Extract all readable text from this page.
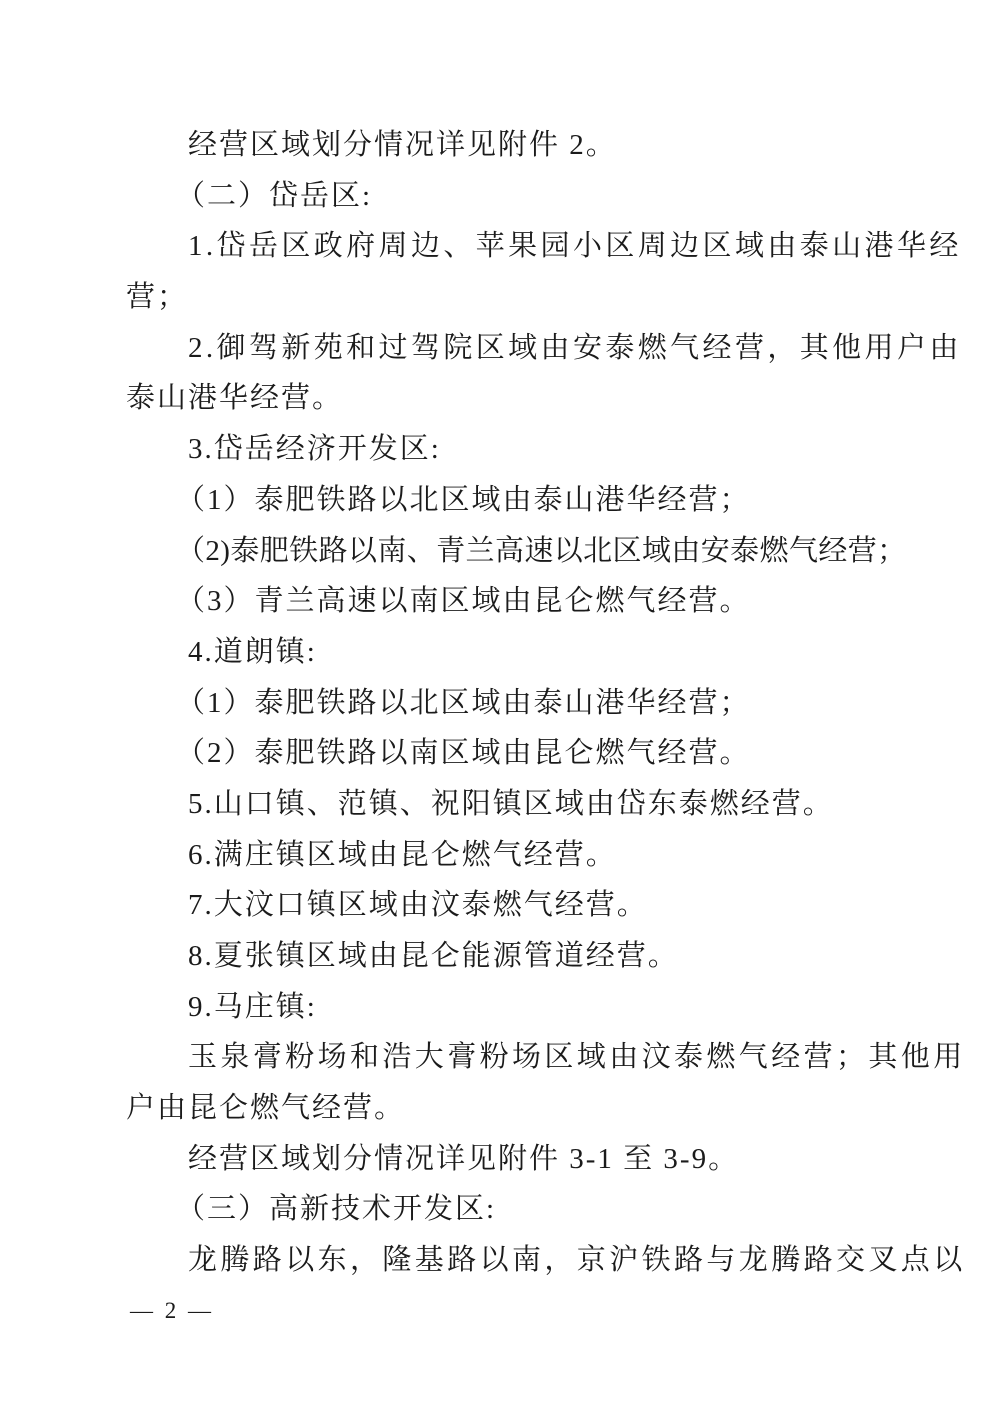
经营区域划分情况详见附件 2。
（二）岱岳区:
1.岱岳区政府周边、苹果园小区周边区域由泰山港华经
营；
2.御驾新苑和过驾院区域由安泰燃气经营，其他用户由
泰山港华经营。
3.岱岳经济开发区:
（1）泰肥铁路以北区域由泰山港华经营；
（2)泰肥铁路以南、青兰高速以北区域由安泰燃气经营；
（3）青兰高速以南区域由昆仑燃气经营。
4.道朗镇:
（1）泰肥铁路以北区域由泰山港华经营；
（2）泰肥铁路以南区域由昆仑燃气经营。
5.山口镇、范镇、祝阳镇区域由岱东泰燃经营。
6.满庄镇区域由昆仑燃气经营。
7.大汶口镇区域由汶泰燃气经营。
8.夏张镇区域由昆仑能源管道经营。
9.马庄镇:
玉泉膏粉场和浩大膏粉场区域由汶泰燃气经营；其他用
户由昆仑燃气经营。
经营区域划分情况详见附件 3-1 至 3-9。
（三）高新技术开发区:
龙腾路以东，隆基路以南，京沪铁路与龙腾路交叉点以
— 2 —
